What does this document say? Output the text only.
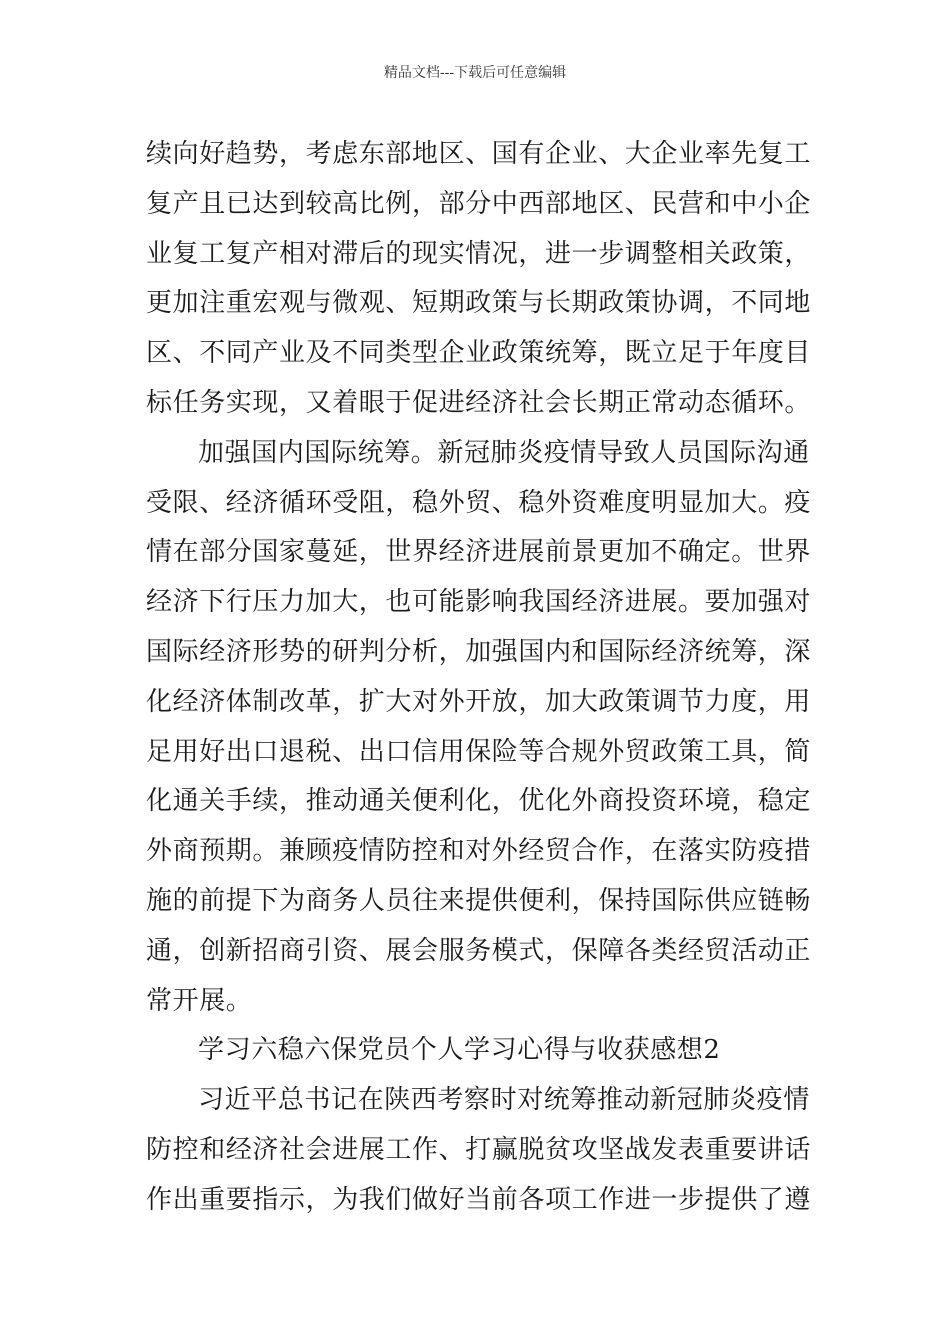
精品文档---下载后可任意编辑
续向好趋势，考虑东部地区、国有企业、大企业率先复工
复产且已达到较高比例，部分中西部地区、民营和中小企
业复工复产相对滞后的现实情况，进一步调整相关政策，
更加注重宏观与微观、短期政策与长期政策协调，不同地
区、不同产业及不同类型企业政策统筹，既立足于年度目
标任务实现，又着眼于促进经济社会长期正常动态循环。
加强国内国际统筹。新冠肺炎疫情导致人员国际沟通
受限、经济循环受阻，稳外贸、稳外资难度明显加大。疫
情在部分国家蔓延，世界经济进展前景更加不确定。世界
经济下行压力加大，也可能影响我国经济进展。要加强对
国际经济形势的研判分析，加强国内和国际经济统筹，深
化经济体制改革，扩大对外开放，加大政策调节力度，用
足用好出口退税、出口信用保险等合规外贸政策工具，简
化通关手续，推动通关便利化，优化外商投资环境，稳定
外商预期。兼顾疫情防控和对外经贸合作，在落实防疫措
施的前提下为商务人员往来提供便利，保持国际供应链畅
通，创新招商引资、展会服务模式，保障各类经贸活动正
常开展。
学习六稳六保党员个人学习心得与收获感想2
习近平总书记在陕西考察时对统筹推动新冠肺炎疫情
防控和经济社会进展工作、打赢脱贫攻坚战发表重要讲话
作出重要指示，为我们做好当前各项工作进一步提供了遵
